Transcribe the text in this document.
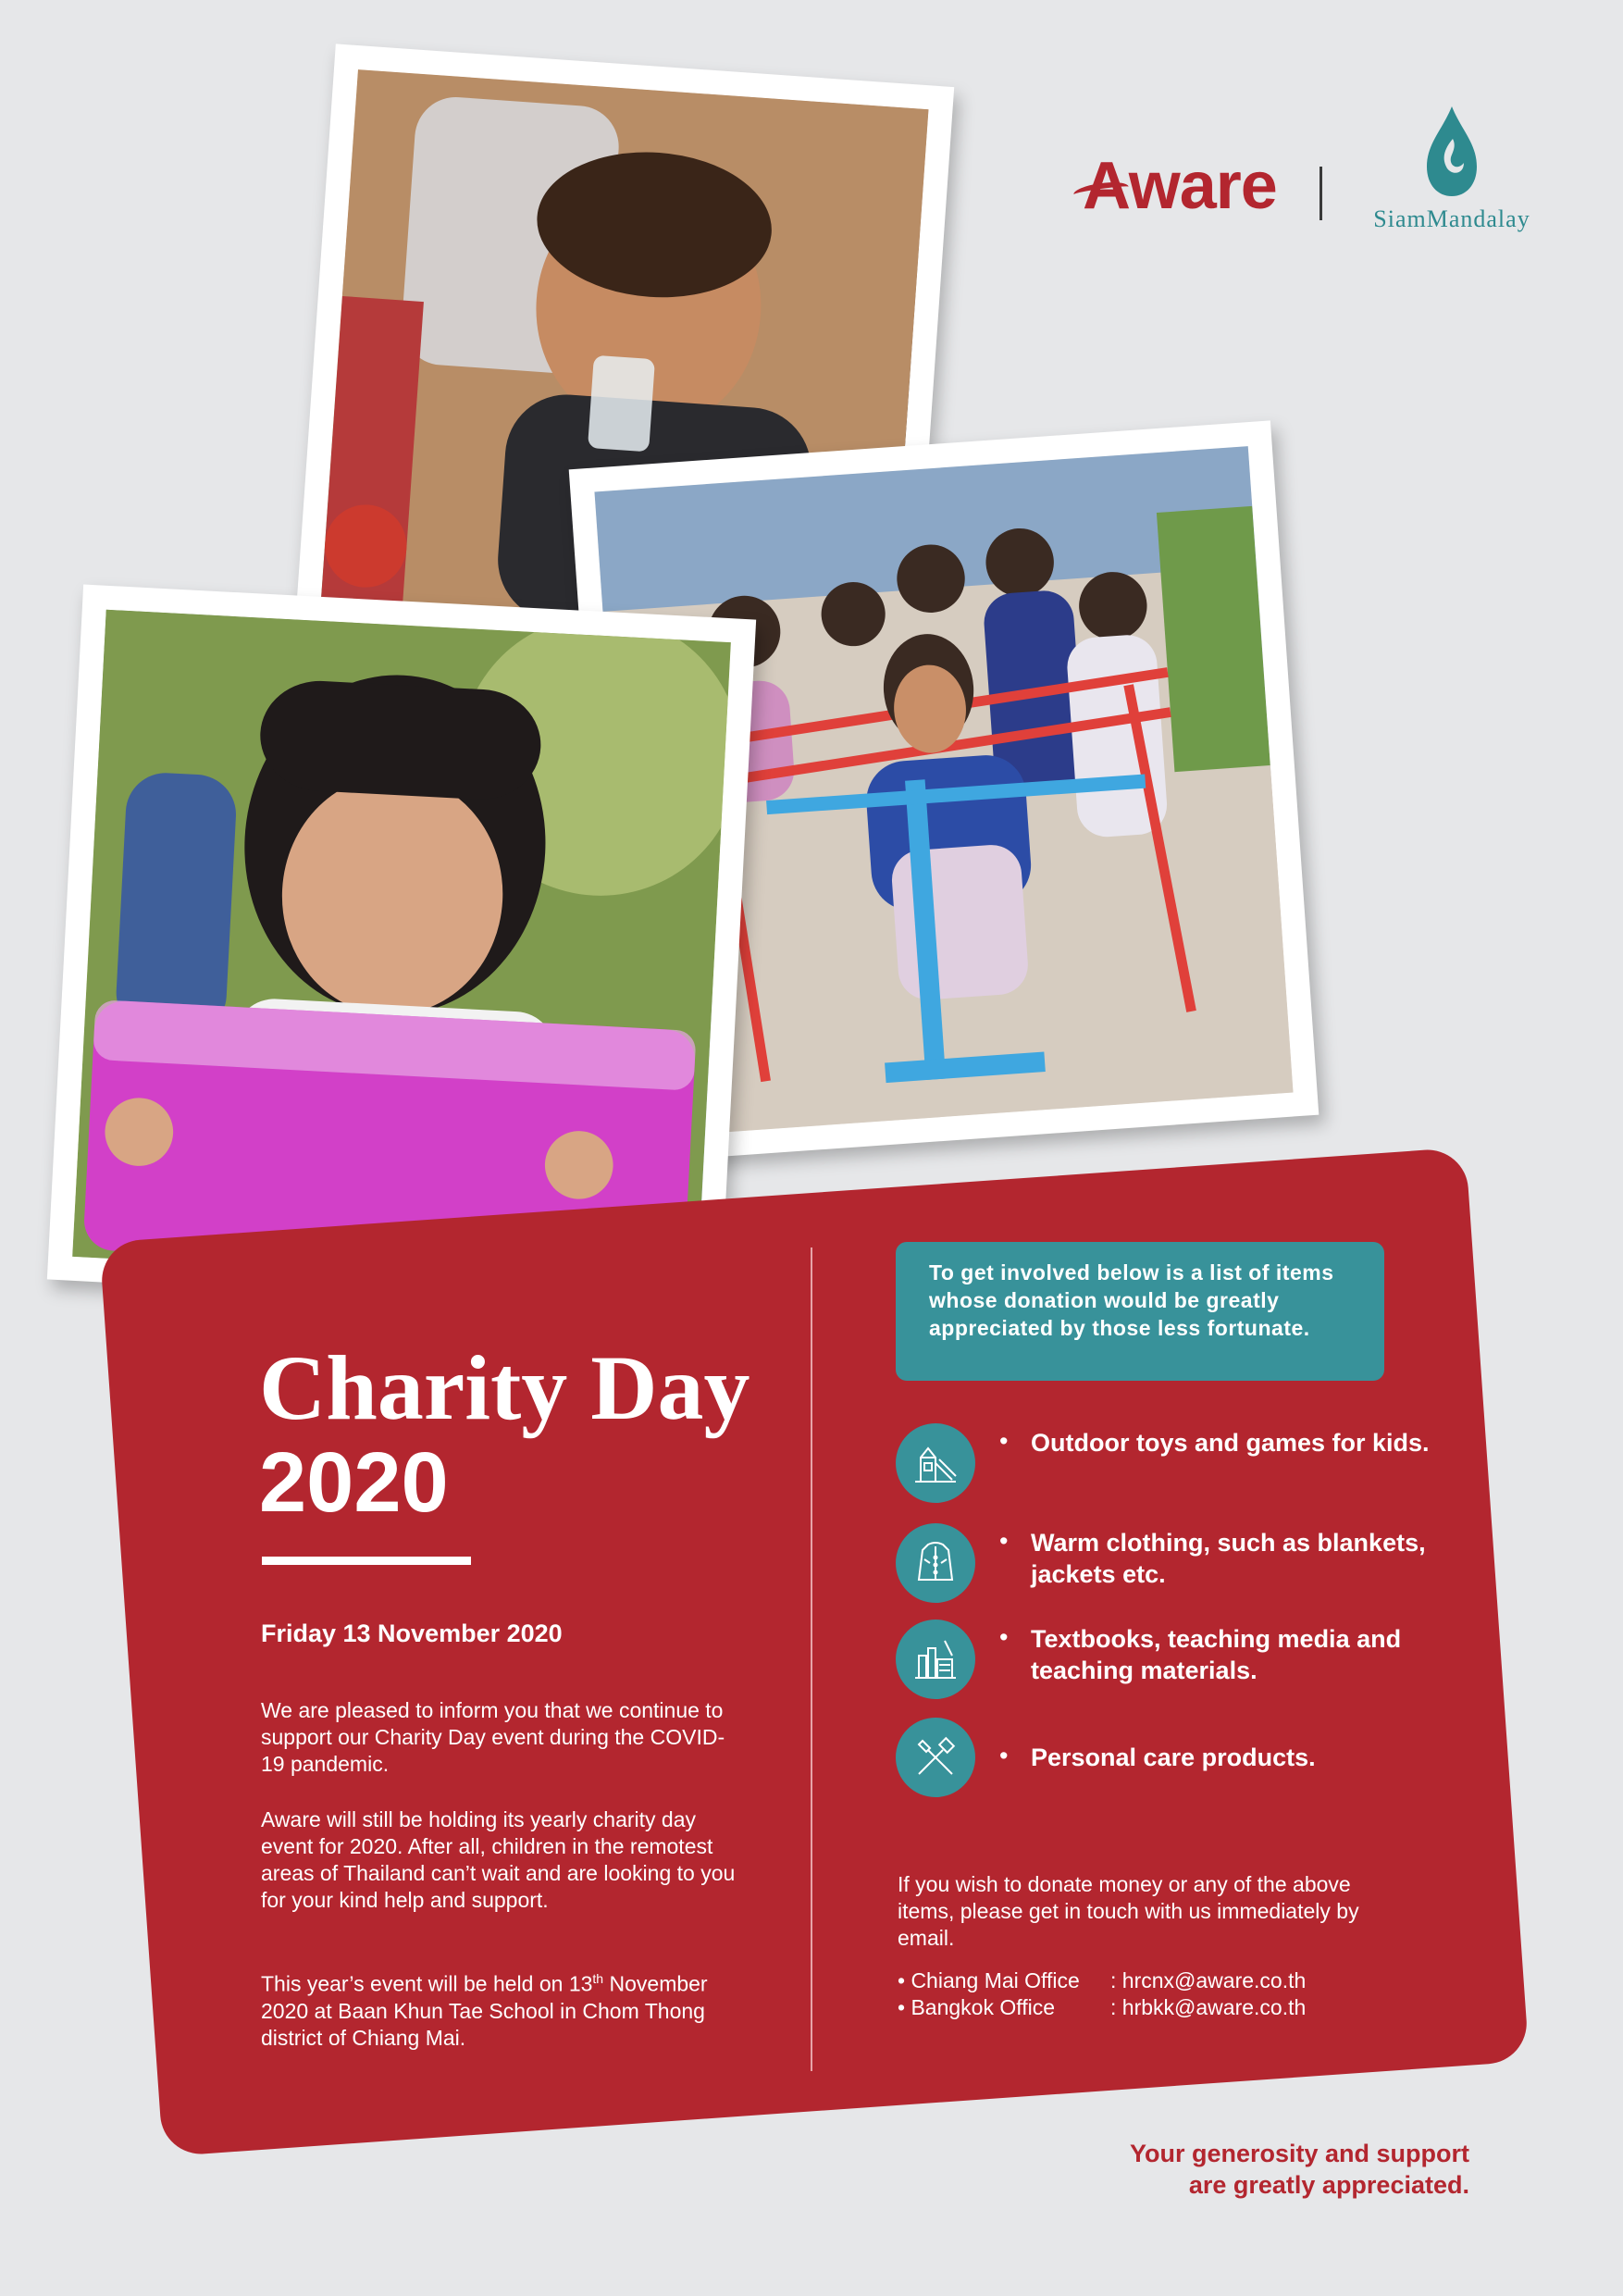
Aware	SiamMandalay
Charity Day
2020
Friday 13 November 2020
We are pleased to inform you that we continue to support our Charity Day event during the COVID-19 pandemic.
Aware will still be holding its yearly charity day event for 2020. After all, children in the remotest areas of Thailand can’t wait and are looking to you for your kind help and support.
This year’s event will be held on 13th November 2020 at Baan Khun Tae School in Chom Thong district of Chiang Mai.
To get involved below is a list of items whose donation would be greatly appreciated by those less fortunate.
• Outdoor toys and games for kids.
• Warm clothing, such as blankets, jackets etc.
• Textbooks, teaching media and teaching materials.
• Personal care products.
If you wish to donate money or any of the above items, please get in touch with us immediately by email.
• Chiang Mai Office : hrcnx@aware.co.th
• Bangkok Office	: hrbkk@aware.co.th
Your generosity and support
are greatly appreciated.
